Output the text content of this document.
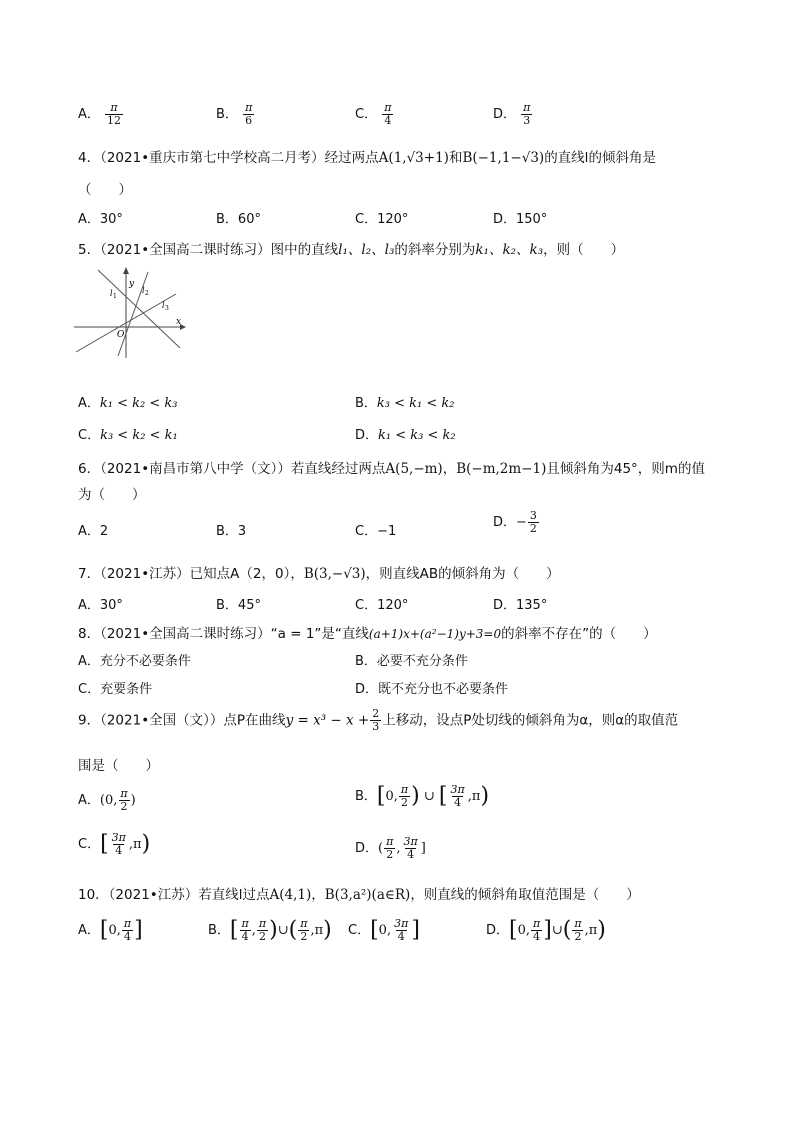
A． $\frac{\pi}{12}$	B． $\frac{\pi}{6}$	C． $\frac{\pi}{4}$	D． $\frac{\pi}{3}$
4．（2021•重庆市第七中学校高二月考）经过两点A(1,√3+1)和B(−1,1−√3)的直线l的倾斜角是
（　　）
A．30°	B．60°	C．120°	D．150°
5．（2021•全国高二课时练习）图中的直线l₁、l₂、l₃的斜率分别为k₁、k₂、k₃，则（　　）
y
x
O
l 1
l 2
l 3
A．k₁ < k₂ < k₃	B．k₃ < k₁ < k₂
C．k₃ < k₂ < k₁	D．k₁ < k₃ < k₂
6．（2021•南昌市第八中学（文））若直线经过两点A(5,−m)，B(−m,2m−1)且倾斜角为45°，则m的值
为（　　）
A．2	B．3	C．−1
D．− $\frac{3}{2}$
7．（2021•江苏）已知点A（2，0），B(3,−√3)，则直线AB的倾斜角为（　　）
A．30°	B．45°	C．120°	D．135°
8．（2021•全国高二课时练习）“a = 1”是“直线(a+1)x+(a²−1)y+3=0的斜率不存在”的（　　）
A．充分不必要条件	B．必要不充分条件
C．充要条件	D．既不充分也不必要条件
9．（2021•全国（文））点P在曲线$y = x^3 - x + \frac{2}{3}$ 上移动，设点P处切线的倾斜角为α，则α的取值范
围是（　　）
A．(0, $\frac{\pi}{2}$ )	B．[0, $\frac{\pi}{2}$ ) ∪ [ $\frac{3\pi}{4} ,\pi$)
C．[ $\frac{3\pi}{4} ,\pi$)	D．( $\frac{\pi}{2}$ , $\frac{3\pi}{4}$ ]
10．（2021•江苏）若直线l过点A(4,1)，B(3,a²)(a∈R)，则直线的倾斜角取值范围是（　　）
A．[0, $\frac{\pi}{4}$ ]	B．[ $\frac{\pi}{4}$ , $\frac{\pi}{2}$ )∪( $\frac{\pi}{2} ,\pi$) C．[0, $\frac{3\pi}{4}$ ]	D．[0, $\frac{\pi}{4}$ ]∪( $\frac{\pi}{2} ,\pi$)
